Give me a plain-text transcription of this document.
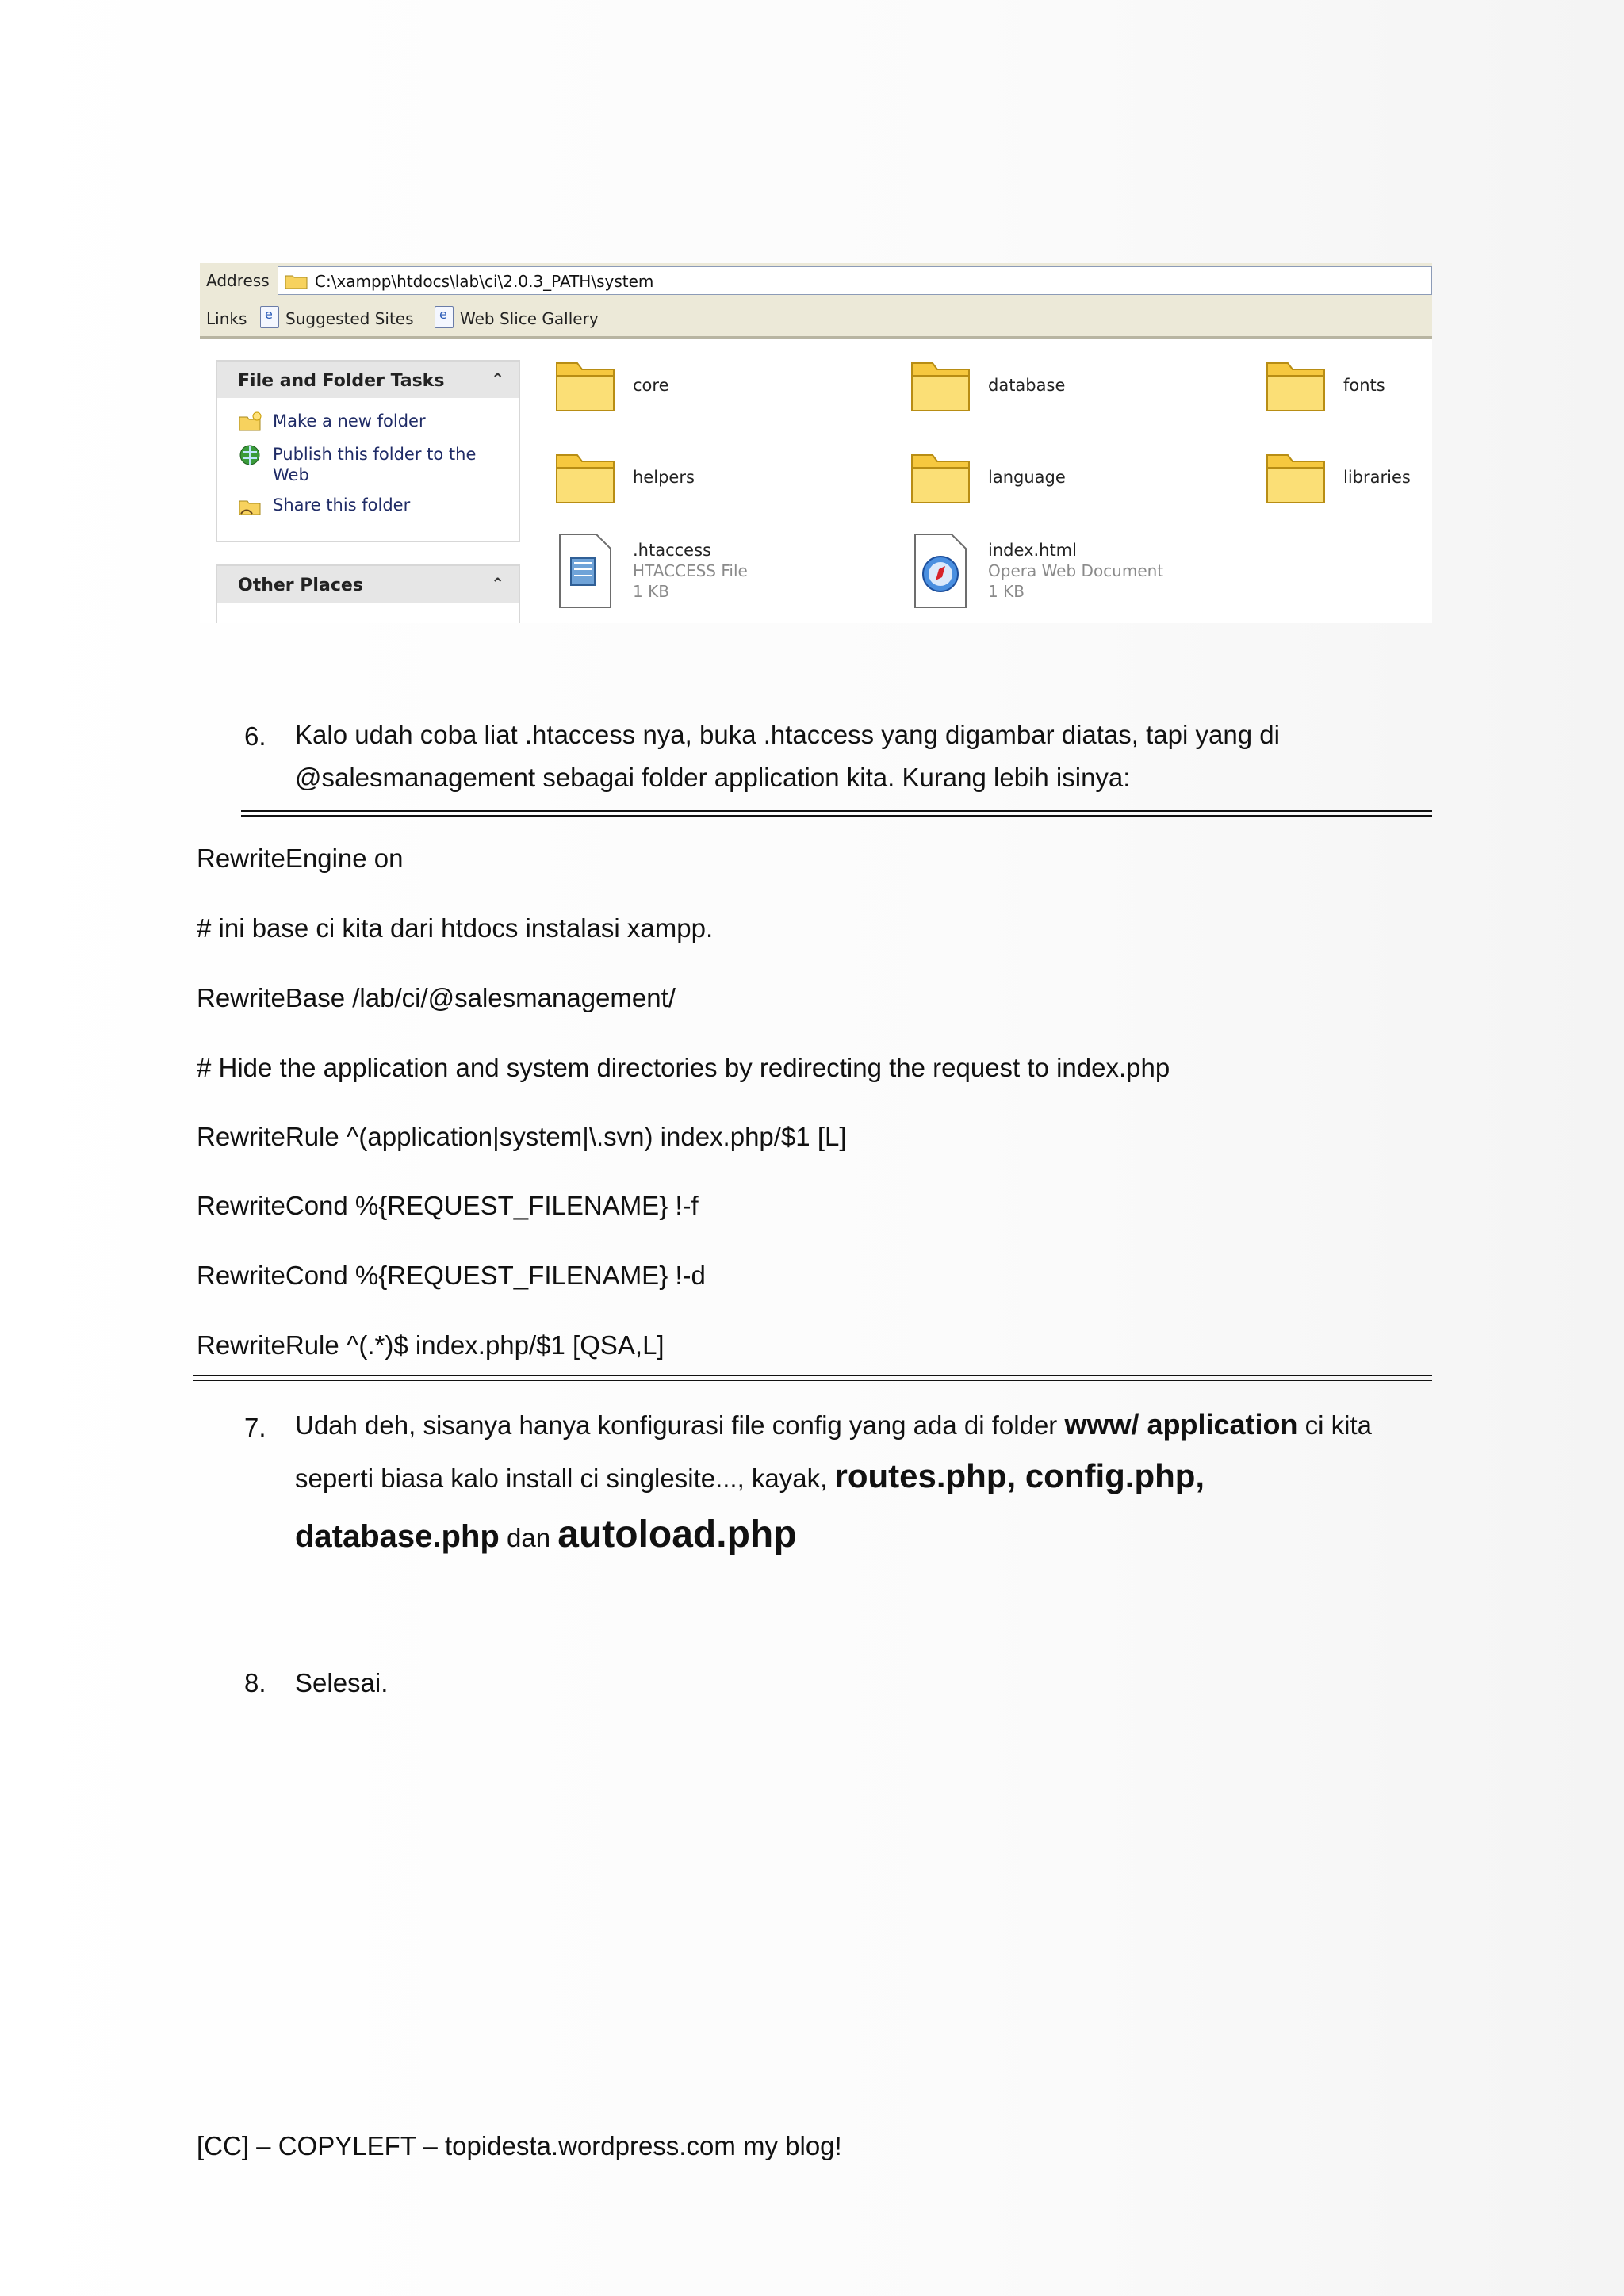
Address	C:\xampp\htdocs\lab\ci\2.0.3_PATH\system
Links e Suggested Sites e	Web Slice Gallery
File and Folder Tasks	⌃
Make a new folder
Publish this folder to the
Web
Share this folder
Other Places	⌃
core	database	fonts
helpers	language	libraries
.htaccess
HTACCESS File
1 KB
index.html
Opera Web Document
1 KB
6. Kalo udah coba liat .htaccess nya, buka .htaccess yang digambar diatas, tapi yang di
@salesmanagement sebagai folder application kita. Kurang lebih isinya:
RewriteEngine on
# ini base ci kita dari htdocs instalasi xampp.
RewriteBase /lab/ci/@salesmanagement/
# Hide the application and system directories by redirecting the request to index.php
RewriteRule ^(application|system|\.svn) index.php/$1 [L]
RewriteCond %{REQUEST_FILENAME} !-f
RewriteCond %{REQUEST_FILENAME} !-d
RewriteRule ^(.*)$ index.php/$1 [QSA,L]
7. Udah deh, sisanya hanya konfigurasi file config yang ada di folder www/ application ci kita
seperti biasa kalo install ci singlesite..., kayak, routes.php, config.php,
database.php dan autoload.php
8. Selesai.
[CC] – COPYLEFT – topidesta.wordpress.com my blog!
